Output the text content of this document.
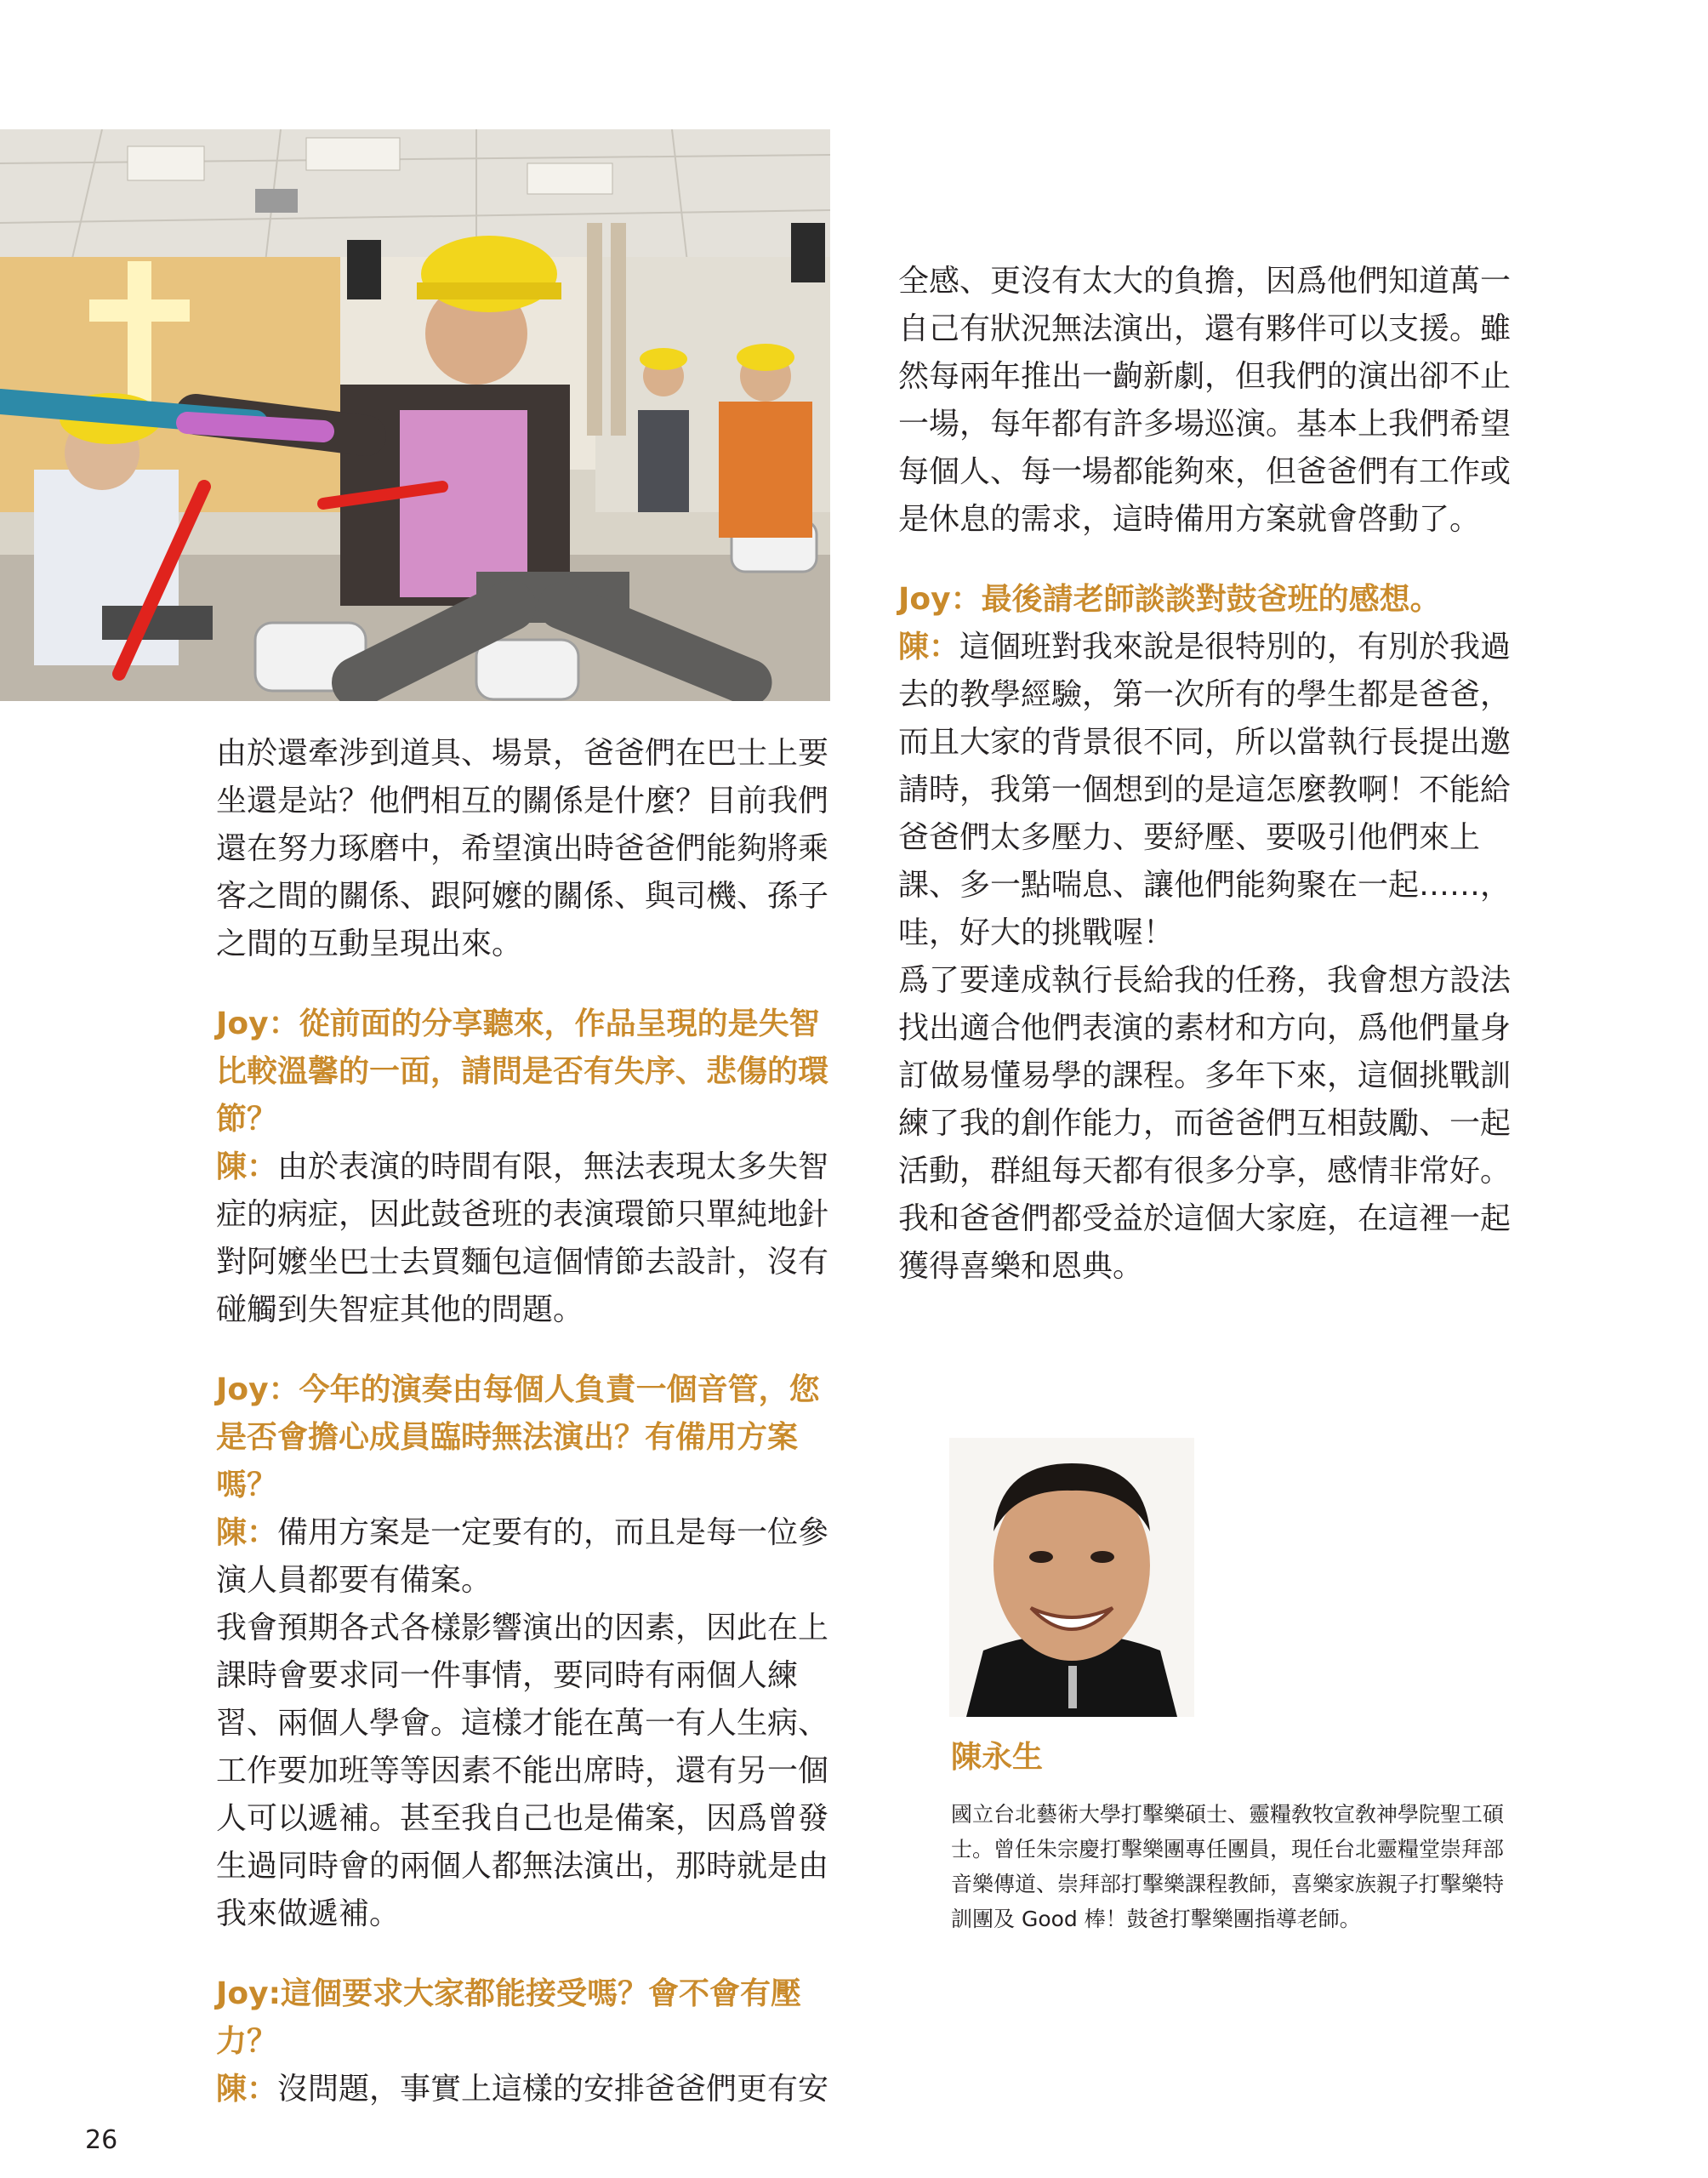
由於還牽涉到道具、場景，爸爸們在巴士上要坐還是站？他們相互的關係是什麼？目前我們還在努力琢磨中，希望演出時爸爸們能夠將乘客之間的關係、跟阿嬤的關係、與司機、孫子之間的互動呈現出來。

Joy：從前面的分享聽來，作品呈現的是失智比較溫馨的一面，請問是否有失序、悲傷的環節？

陳：由於表演的時間有限，無法表現太多失智症的病症，因此鼓爸班的表演環節只單純地針對阿嬤坐巴士去買麵包這個情節去設計，沒有碰觸到失智症其他的問題。

Joy：今年的演奏由每個人負責一個音管，您是否會擔心成員臨時無法演出？有備用方案嗎？

陳：備用方案是一定要有的，而且是每一位參演人員都要有備案。

我會預期各式各樣影響演出的因素，因此在上課時會要求同一件事情，要同時有兩個人練習、兩個人學會。這樣才能在萬一有人生病、工作要加班等等因素不能出席時，還有另一個人可以遞補。甚至我自己也是備案，因爲曾發生過同時會的兩個人都無法演出，那時就是由我來做遞補。

Joy:這個要求大家都能接受嗎？會不會有壓力？

陳：沒問題，事實上這樣的安排爸爸們更有安

全感、更沒有太大的負擔，因爲他們知道萬一自己有狀況無法演出，還有夥伴可以支援。雖然每兩年推出一齣新劇，但我們的演出卻不止一場，每年都有許多場巡演。基本上我們希望每個人、每一場都能夠來，但爸爸們有工作或是休息的需求，這時備用方案就會啓動了。

Joy：最後請老師談談對鼓爸班的感想。

陳：這個班對我來說是很特別的，有別於我過去的教學經驗，第一次所有的學生都是爸爸，而且大家的背景很不同，所以當執行長提出邀請時，我第一個想到的是這怎麼教啊！不能給爸爸們太多壓力、要紓壓、要吸引他們來上課、多一點喘息、讓他們能夠聚在一起……，哇，好大的挑戰喔！

爲了要達成執行長給我的任務，我會想方設法找出適合他們表演的素材和方向，爲他們量身訂做易懂易學的課程。多年下來，這個挑戰訓練了我的創作能力，而爸爸們互相鼓勵、一起活動，群組每天都有很多分享，感情非常好。我和爸爸們都受益於這個大家庭，在這裡一起獲得喜樂和恩典。

陳永生
國立台北藝術大學打擊樂碩士、靈糧敎牧宣敎神學院聖工碩士。曾任朱宗慶打擊樂團專任團員，現任台北靈糧堂崇拜部音樂傳道、崇拜部打擊樂課程教師，喜樂家族親子打擊樂特訓團及 Good 棒！鼓爸打擊樂團指導老師。
26
